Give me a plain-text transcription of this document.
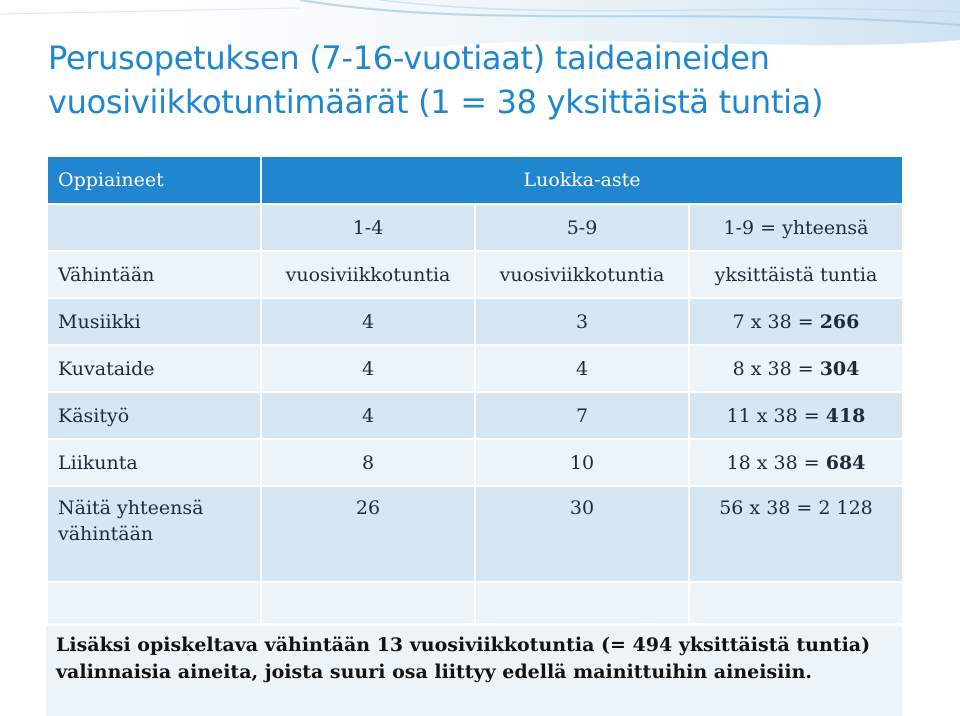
Perusopetuksen (7-16-vuotiaat) taideaineiden
vuosiviikkotuntimäärät (1 = 38 yksittäistä tuntia)
Oppiaineet	Luokka-aste		
	1-4	5-9	1-9 = yhteensä
Vähintään	vuosiviikkotuntia	vuosiviikkotuntia	yksittäistä tuntia
Musiikki	4	3	7 x 38 = 266
Kuvataide	4	4	8 x 38 = 304
Käsityö	4	7	11 x 38 = 418
Liikunta	8	10	18 x 38 = 684
Näitä yhteensä vähintään	26	30	56 x 38 = 2 128

Lisäksi opiskeltava vähintään 13 vuosiviikkotuntia (= 494 yksittäistä tuntia) valinnaisia aineita, joista suuri osa liittyy edellä mainittuihin aineisiin.
